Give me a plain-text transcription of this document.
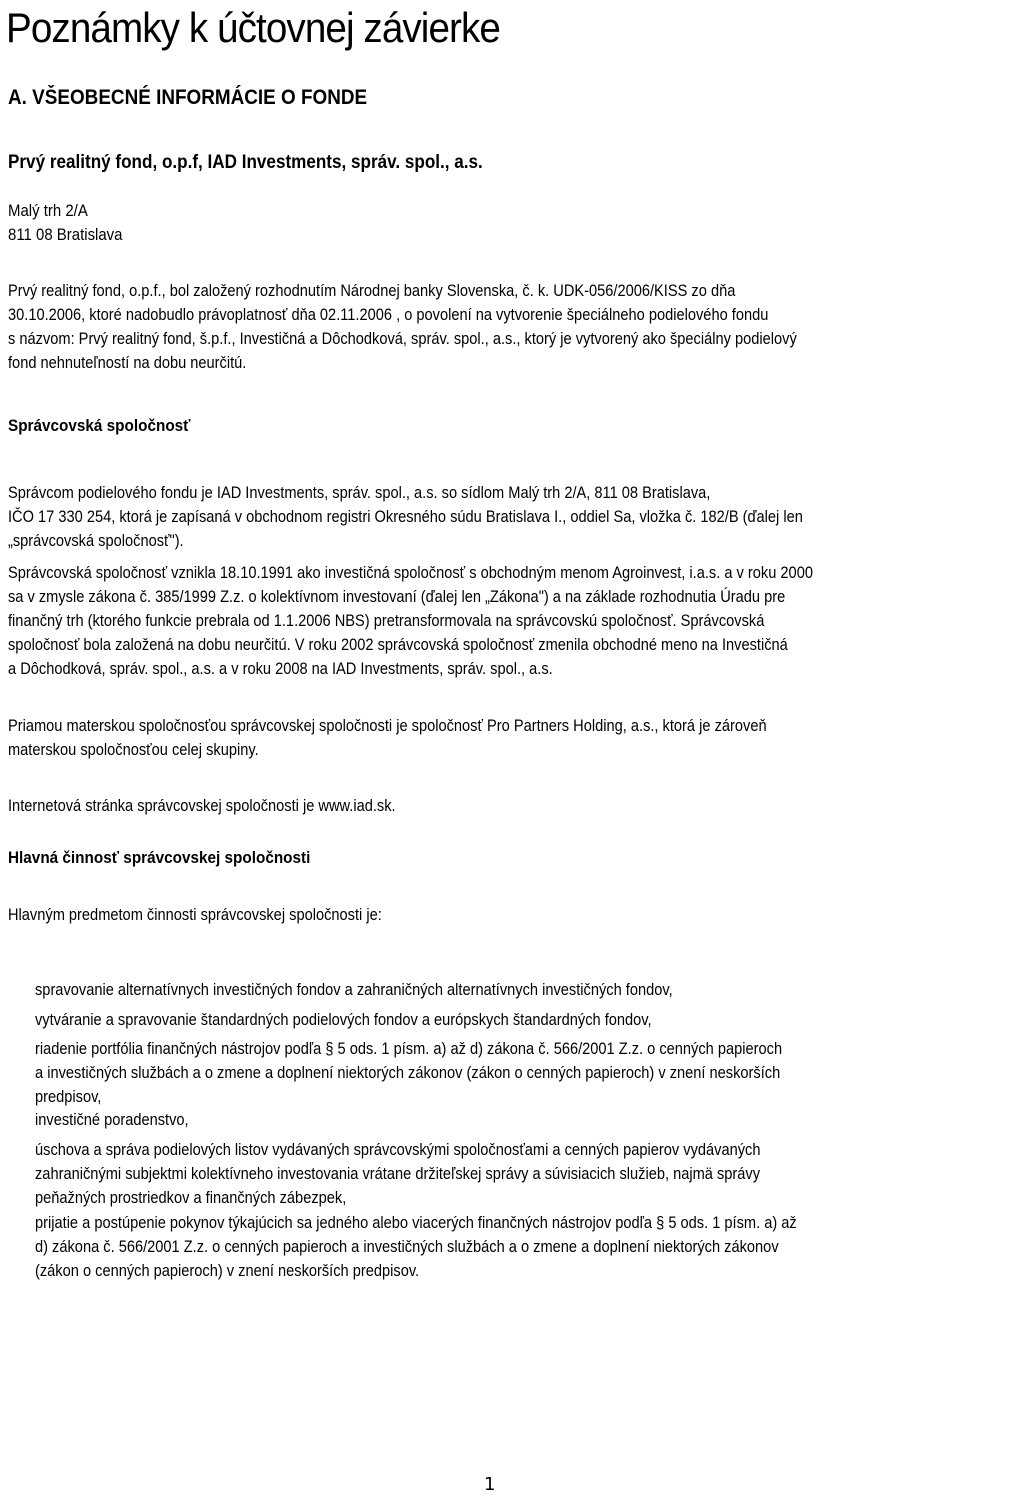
Poznámky k účtovnej závierke
A. VŠEOBECNÉ INFORMÁCIE O FONDE
Prvý realitný fond, o.p.f, IAD Investments, správ. spol., a.s.
Malý trh 2/A
811 08 Bratislava
Prvý realitný fond, o.p.f., bol založený rozhodnutím Národnej banky Slovenska, č. k. UDK-056/2006/KISS zo dňa
30.10.2006, ktoré nadobudlo právoplatnosť dňa 02.11.2006 , o povolení na vytvorenie špeciálneho podielového fondu
s názvom: Prvý realitný fond, š.p.f., Investičná a Dôchodková, správ. spol., a.s., ktorý je vytvorený ako špeciálny podielový
fond nehnuteľností na dobu neurčitú.
Správcovská spoločnosť
Správcom podielového fondu je IAD Investments, správ. spol., a.s. so sídlom Malý trh 2/A, 811 08 Bratislava,
IČO 17 330 254, ktorá je zapísaná v obchodnom registri Okresného súdu Bratislava I., oddiel Sa, vložka č. 182/B (ďalej len
„správcovská spoločnosť").
Správcovská spoločnosť vznikla 18.10.1991 ako investičná spoločnosť s obchodným menom Agroinvest, i.a.s. a v roku 2000
sa v zmysle zákona č. 385/1999 Z.z. o kolektívnom investovaní (ďalej len „Zákona") a na základe rozhodnutia Úradu pre
finančný trh (ktorého funkcie prebrala od 1.1.2006 NBS) pretransformovala na správcovskú spoločnosť. Správcovská
spoločnosť bola založená na dobu neurčitú. V roku 2002 správcovská spoločnosť zmenila obchodné meno na Investičná
a Dôchodková, správ. spol., a.s. a v roku 2008 na IAD Investments, správ. spol., a.s.
Priamou materskou spoločnosťou správcovskej spoločnosti je spoločnosť Pro Partners Holding, a.s., ktorá je zároveň
materskou spoločnosťou celej skupiny.
Internetová stránka správcovskej spoločnosti je www.iad.sk.
Hlavná činnosť správcovskej spoločnosti
Hlavným predmetom činnosti správcovskej spoločnosti je:
spravovanie alternatívnych investičných fondov a zahraničných alternatívnych investičných fondov,
vytváranie a spravovanie štandardných podielových fondov a európskych štandardných fondov,
riadenie portfólia finančných nástrojov podľa § 5 ods. 1 písm. a) až d) zákona č. 566/2001 Z.z. o cenných papieroch
a investičných službách a o zmene a doplnení niektorých zákonov (zákon o cenných papieroch) v znení neskorších
predpisov,
investičné poradenstvo,
úschova a správa podielových listov vydávaných správcovskými spoločnosťami a cenných papierov vydávaných
zahraničnými subjektmi kolektívneho investovania vrátane držiteľskej správy a súvisiacich služieb, najmä správy
peňažných prostriedkov a finančných zábezpek,
prijatie a postúpenie pokynov týkajúcich sa jedného alebo viacerých finančných nástrojov podľa § 5 ods. 1 písm. a) až
d) zákona č. 566/2001 Z.z. o cenných papieroch a investičných službách a o zmene a doplnení niektorých zákonov
(zákon o cenných papieroch) v znení neskorších predpisov.
1
